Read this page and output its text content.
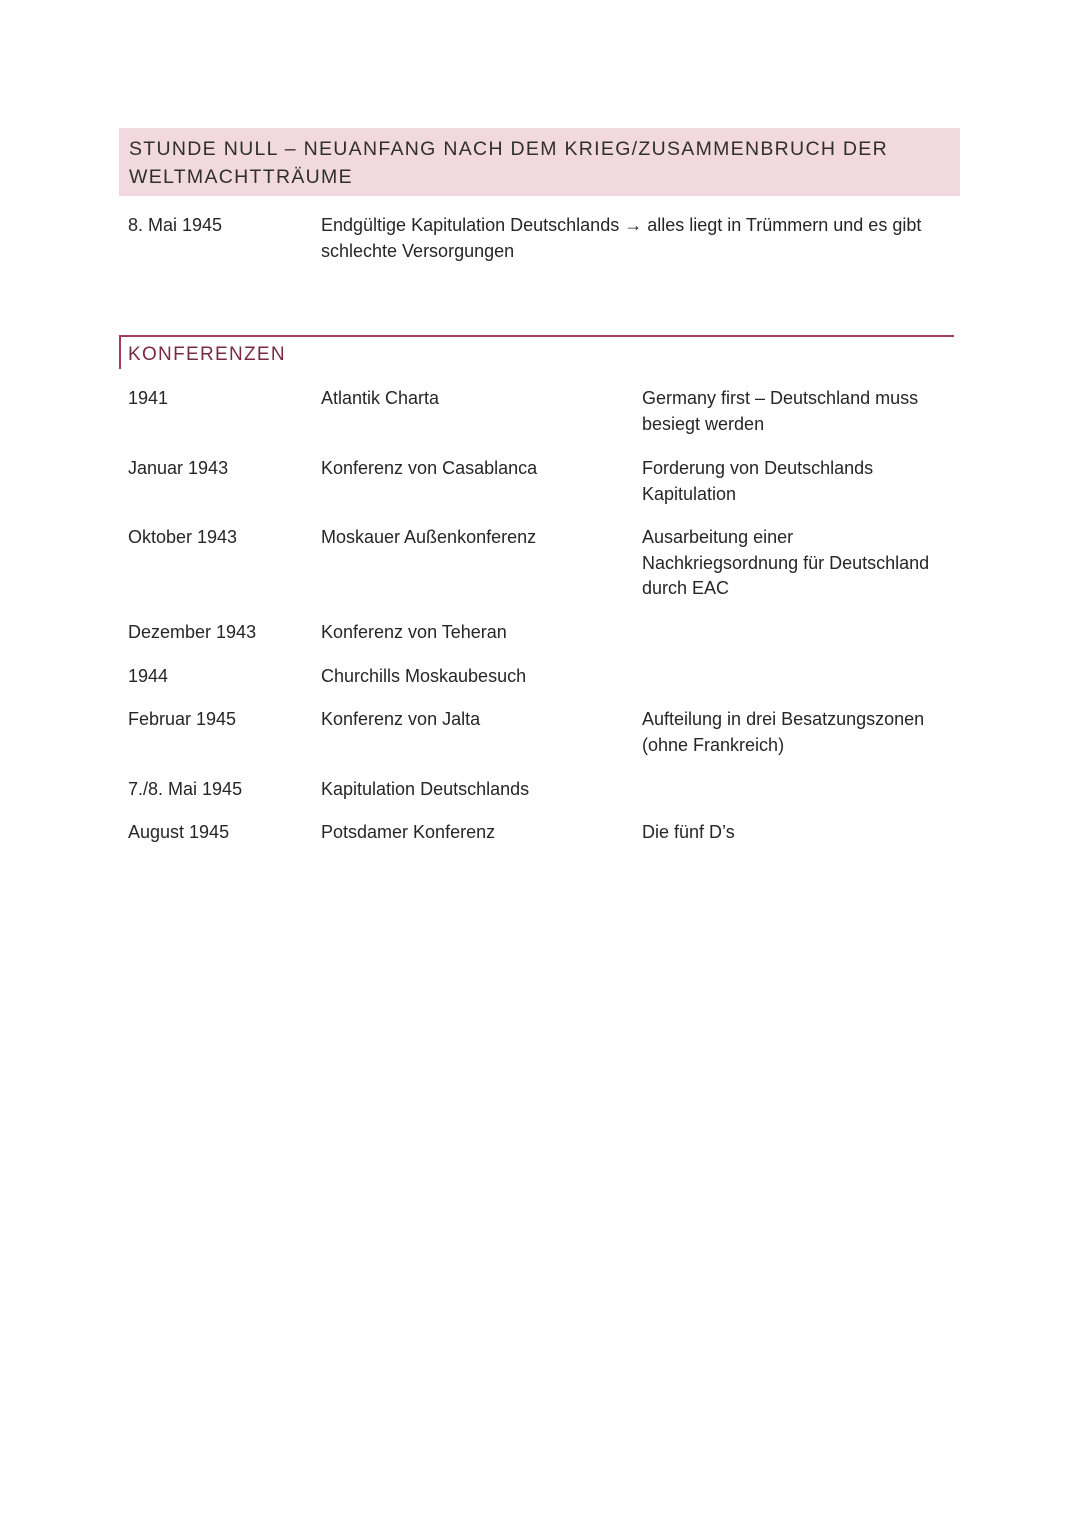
STUNDE NULL – NEUANFANG NACH DEM KRIEG/ZUSAMMENBRUCH DER WELTMACHTTRÄUME
8. Mai 1945	Endgültige Kapitulation Deutschlands → alles liegt in Trümmern und es gibt schlechte Versorgungen
KONFERENZEN
1941	Atlantik Charta	Germany first – Deutschland muss besiegt werden
Januar 1943	Konferenz von Casablanca	Forderung von Deutschlands Kapitulation
Oktober 1943	Moskauer Außenkonferenz	Ausarbeitung einer Nachkriegsordnung für Deutschland durch EAC
Dezember 1943	Konferenz von Teheran
1944	Churchills Moskaubesuch
Februar 1945	Konferenz von Jalta	Aufteilung in drei Besatzungszonen (ohne Frankreich)
7./8. Mai 1945	Kapitulation Deutschlands
August 1945	Potsdamer Konferenz	Die fünf D’s
